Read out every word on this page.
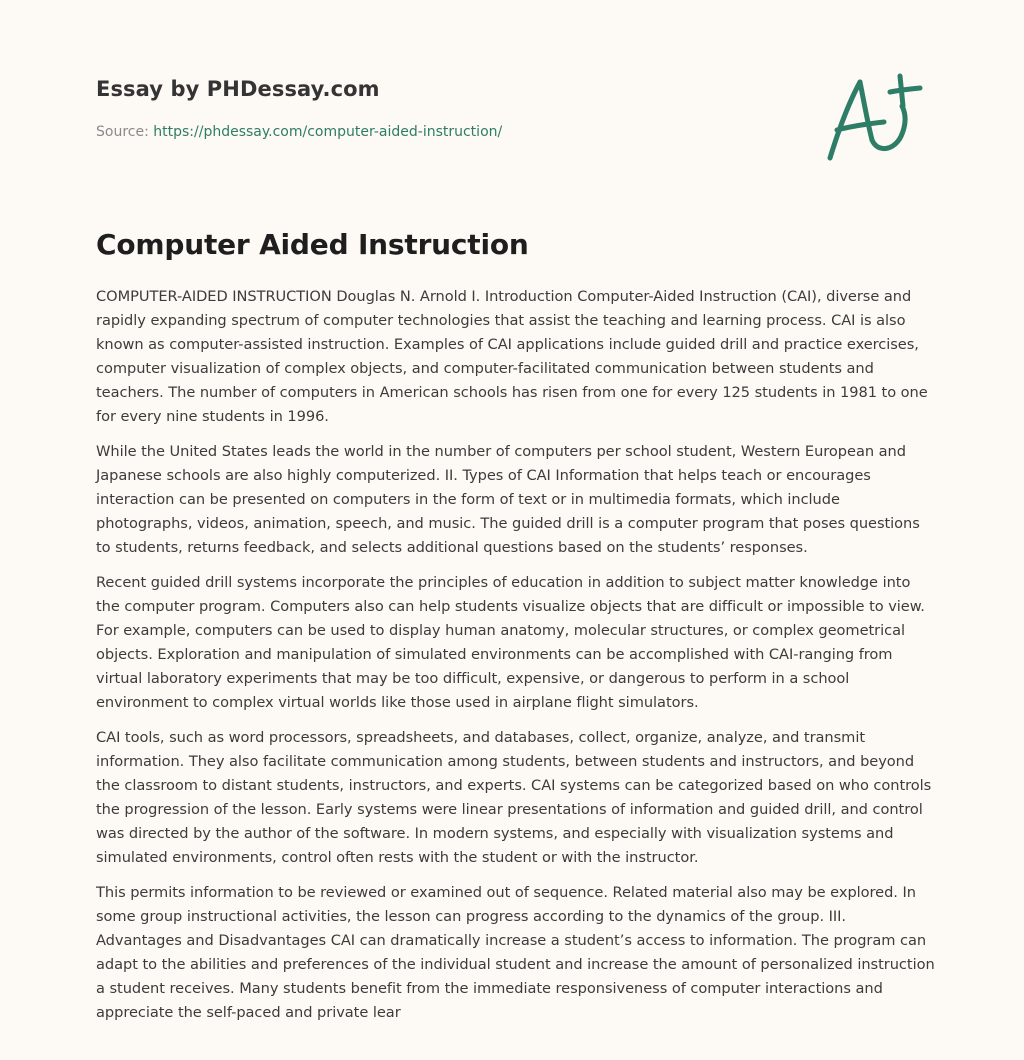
Essay by PHDessay.com
Source: https://phdessay.com/computer-aided-instruction/
Computer Aided Instruction

COMPUTER-AIDED INSTRUCTION Douglas N. Arnold I. Introduction Computer-Aided Instruction (CAI), diverse and rapidly expanding spectrum of computer technologies that assist the teaching and learning process. CAI is also known as computer-assisted instruction. Examples of CAI applications include guided drill and practice exercises, computer visualization of complex objects, and computer-facilitated communication between students and teachers. The number of computers in American schools has risen from one for every 125 students in 1981 to one for every nine students in 1996.

While the United States leads the world in the number of computers per school student, Western European and Japanese schools are also highly computerized. II. Types of CAI Information that helps teach or encourages interaction can be presented on computers in the form of text or in multimedia formats, which include photographs, videos, animation, speech, and music. The guided drill is a computer program that poses questions to students, returns feedback, and selects additional questions based on the students’ responses.

Recent guided drill systems incorporate the principles of education in addition to subject matter knowledge into the computer program. Computers also can help students visualize objects that are difficult or impossible to view. For example, computers can be used to display human anatomy, molecular structures, or complex geometrical objects. Exploration and manipulation of simulated environments can be accomplished with CAI-ranging from virtual laboratory experiments that may be too difficult, expensive, or dangerous to perform in a school environment to complex virtual worlds like those used in airplane flight simulators.

CAI tools, such as word processors, spreadsheets, and databases, collect, organize, analyze, and transmit information. They also facilitate communication among students, between students and instructors, and beyond the classroom to distant students, instructors, and experts. CAI systems can be categorized based on who controls the progression of the lesson. Early systems were linear presentations of information and guided drill, and control was directed by the author of the software. In modern systems, and especially with visualization systems and simulated environments, control often rests with the student or with the instructor.

This permits information to be reviewed or examined out of sequence. Related material also may be explored. In some group instructional activities, the lesson can progress according to the dynamics of the group. III. Advantages and Disadvantages CAI can dramatically increase a student’s access to information. The program can adapt to the abilities and preferences of the individual student and increase the amount of personalized instruction a student receives. Many students benefit from the immediate responsiveness of computer interactions and appreciate the self-paced and private lear
